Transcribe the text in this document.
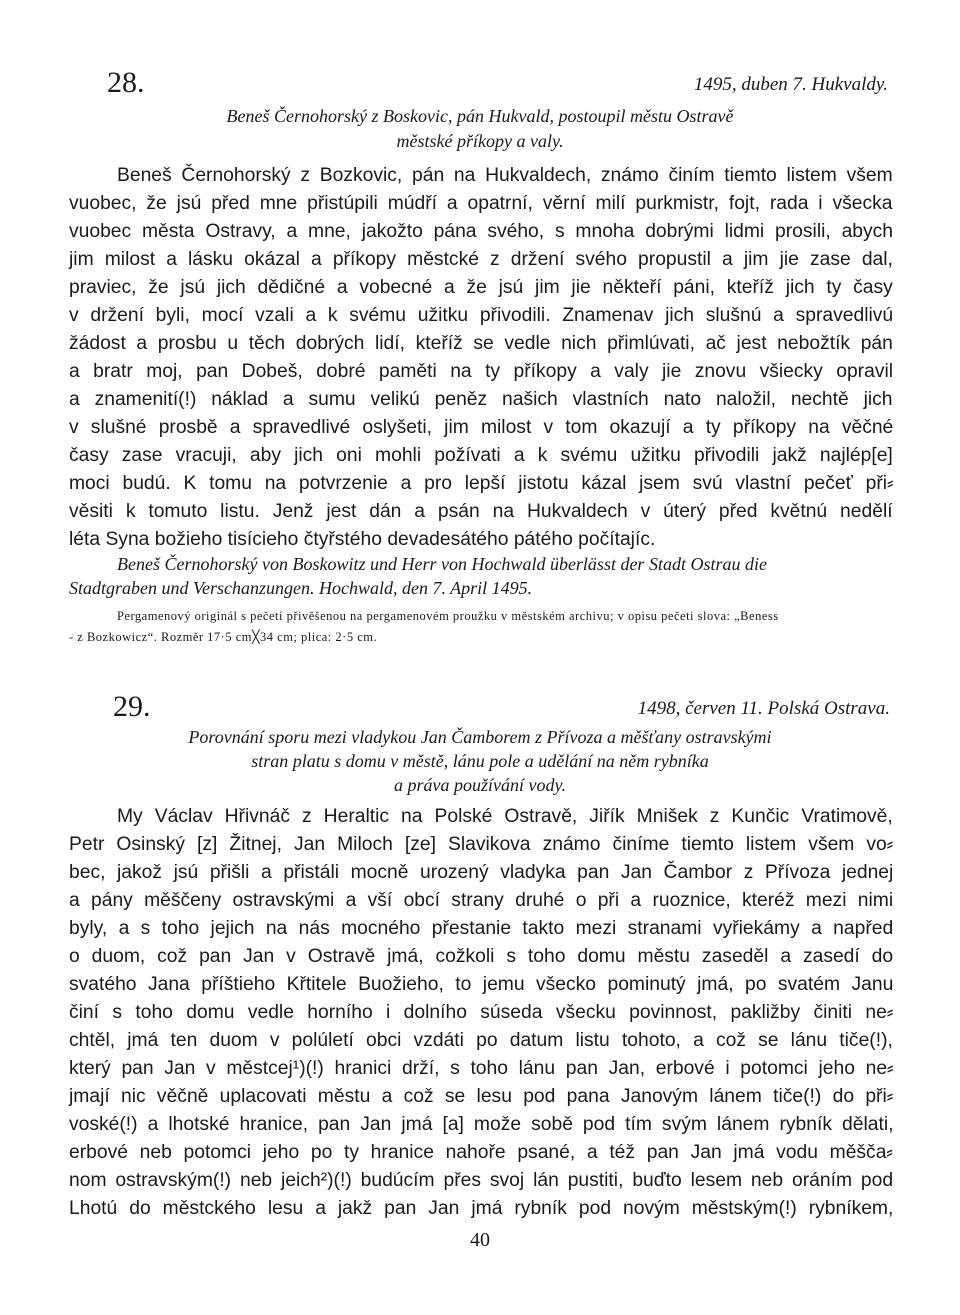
28.	1495, duben 7. Hukvaldy.
Beneš Černohorský z Boskovic, pán Hukvald, postoupil městu Ostravě
městské příkopy a valy.
Beneš Černohorský z Bozkovic, pán na Hukvaldech, známo činím tiemto listem všem
vuobec, že jsú před mne přistúpili múdří a opatrní, věrní milí purkmistr, fojt, rada i všecka
vuobec města Ostravy, a mne, jakožto pána svého, s mnoha dobrými lidmi prosili, abych
jim milost a lásku okázal a příkopy městcké z držení svého propustil a jim jie zase dal,
praviec, že jsú jich dědičné a vobecné a že jsú jim jie někteří páni, kteříž jich ty časy
v držení byli, mocí vzali a k svému užitku přivodili. Znamenav jich slušnú a spravedlivú
žádost a prosbu u těch dobrých lidí, kteříž se vedle nich přimlúvati, ač jest nebožtík pán
a bratr moj, pan Dobeš, dobré paměti na ty příkopy a valy jie znovu všiecky opravil
a znamenití(!) náklad a sumu velikú peněz našich vlastních nato naložil, nechtě jich
v slušné prosbě a spravedlivé oslyšeti, jim milost v tom okazují a ty příkopy na věčné
časy zase vracuji, aby jich oni mohli požívati a k svému užitku přivodili jakž najlép[e]
moci budú. K tomu na potvrzenie a pro lepší jistotu kázal jsem svú vlastní pečeť při⸗
věsiti k tomuto listu. Jenž jest dán a psán na Hukvaldech v úterý před květnú nedělí
léta Syna božieho tisícieho čtyřstého devadesátého pátého počítajíc.
Beneš Černohorský von Boskowitz und Herr von Hochwald überlässt der Stadt Ostrau die
Stadtgraben und Verschanzungen. Hochwald, den 7. April 1495.
Pergamenový originál s pečetí přivěšenou na pergamenovém proužku v městském archivu; v opisu pečeti slova: „Beness
- z Bozkowicz“. Rozměr 17·5 cm╳34 cm; plica: 2·5 cm.
29.	1498, červen 11. Polská Ostrava.
Porovnání sporu mezi vladykou Jan Čamborem z Přívoza a měšťany ostravskými
stran platu s domu v městě, lánu pole a udělání na něm rybníka
a práva používání vody.
My Václav Hřivnáč z Heraltic na Polské Ostravě, Jiřík Mnišek z Kunčic Vratimově,
Petr Osinský [z] Žitnej, Jan Miloch [ze] Slavikova známo činíme tiemto listem všem vo⸗
bec, jakož jsú přišli a přistáli mocně urozený vladyka pan Jan Čambor z Přívoza jednej
a pány měščeny ostravskými a vší obcí strany druhé o při a ruoznice, kteréž mezi nimi
byly, a s toho jejich na nás mocného přestanie takto mezi stranami vyřiekámy a napřed
o duom, což pan Jan v Ostravě jmá, cožkoli s toho domu městu zaseděl a zasedí do
svatého Jana příštieho Křtitele Buožieho, to jemu všecko pominutý jmá, po svatém Janu
činí s toho domu vedle horního i dolního súseda všecku povinnost, pakližby činiti ne⸗
chtěl, jmá ten duom v polúletí obci vzdáti po datum listu tohoto, a což se lánu tiče(!),
který pan Jan v městcej¹)(!) hranici drží, s toho lánu pan Jan, erbové i potomci jeho ne⸗
jmají nic věčně uplacovati městu a což se lesu pod pana Janovým lánem tiče(!) do při⸗
voské(!) a lhotské hranice, pan Jan jmá [a] može sobě pod tím svým lánem rybník dělati,
erbové neb potomci jeho po ty hranice nahoře psané, a též pan Jan jmá vodu měšča⸗
nom ostravským(!) neb jeich²)(!) budúcím přes svoj lán pustiti, buďto lesem neb oráním pod
Lhotú do městckého lesu a jakž pan Jan jmá rybník pod novým městským(!) rybníkem,
40
